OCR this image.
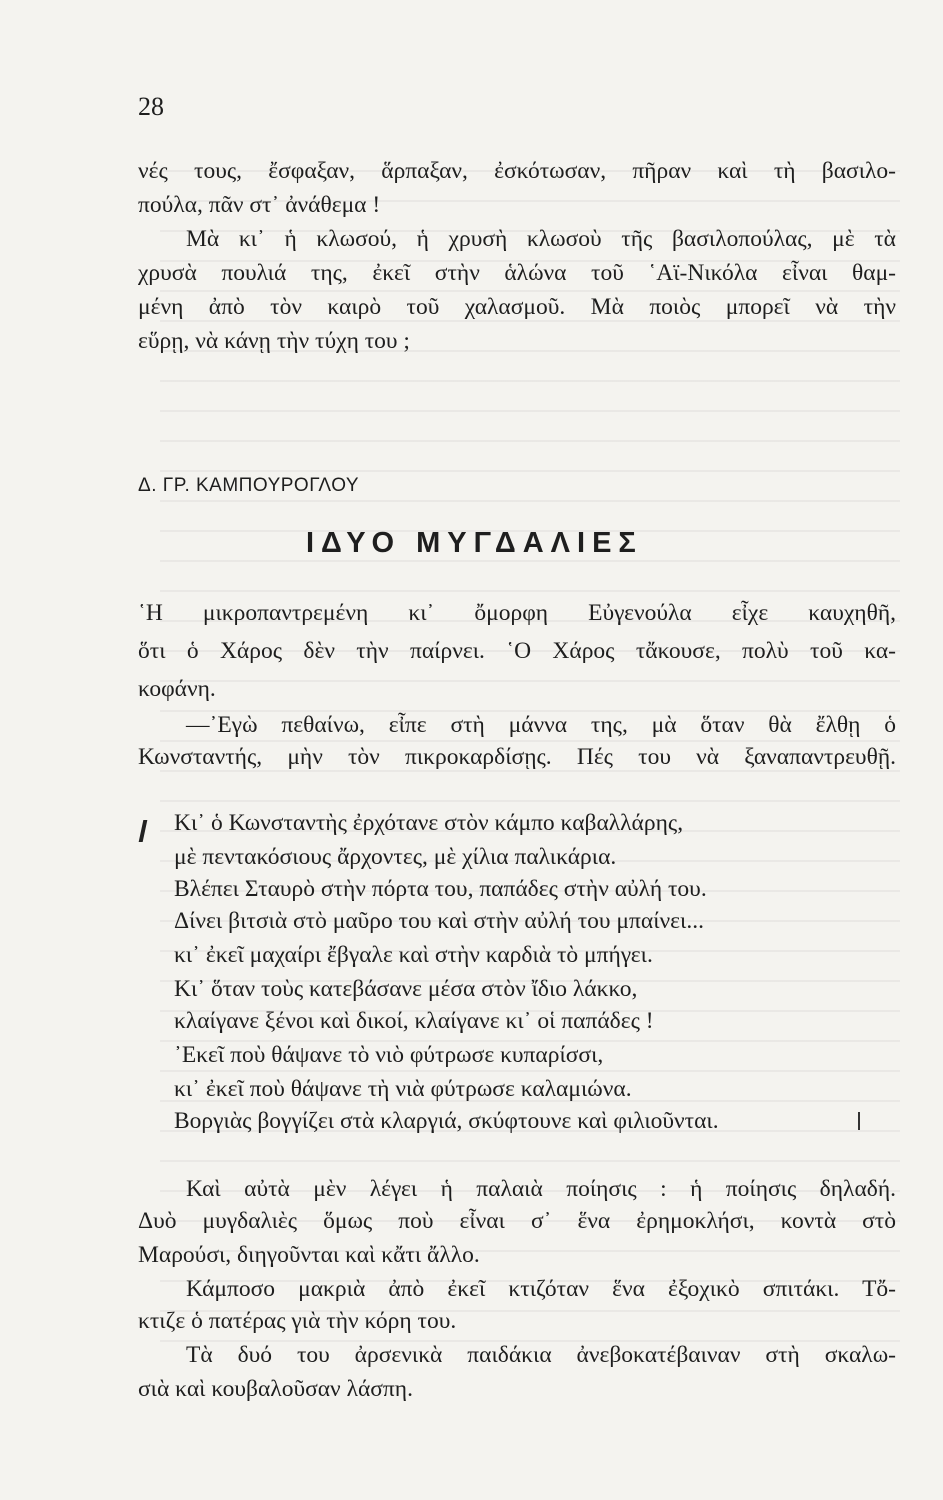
28
νές τους, ἔσφαξαν, ἅρπαξαν, ἐσκότωσαν, πῆραν καὶ τὴ βασιλο-
πούλα, πᾶν στ᾽ ἀνάθεμα !
Μὰ κι᾽ ἡ κλωσού, ἡ χρυσὴ κλωσοὺ τῆς βασιλοπούλας, μὲ τὰ
χρυσὰ πουλιά της, ἐκεῖ στὴν ἁλώνα τοῦ ῾Αϊ-Νικόλα εἶναι θαμ-
μένη ἀπὸ τὸν καιρὸ τοῦ χαλασμοῦ. Μὰ ποιὸς μπορεῖ νὰ τὴν
εὕρῃ, νὰ κάνῃ τὴν τύχη του ;
Δ. ΓΡ. ΚΑΜΠΟΥΡΟΓΛΟΥ
ΙΔΥΟ ΜΥΓΔΑΛΙΕΣ
῾Η μικροπαντρεμένη κι᾽ ὄμορφη Εὐγενούλα εἶχε καυχηθῆ,
ὅτι ὁ Χάρος δὲν τὴν παίρνει. ῾Ο Χάρος τἄκουσε, πολὺ τοῦ κα-
κοφάνη.
—᾽Εγὼ πεθαίνω, εἶπε στὴ μάννα της, μὰ ὅταν θὰ ἔλθῃ ὁ
Κωνσταντής, μὴν τὸν πικροκαρδίσῃς. Πές του νὰ ξαναπαντρευθῇ.
Κι᾽ ὁ Κωνσταντὴς ἐρχότανε στὸν κάμπο καβαλλάρης,
μὲ πεντακόσιους ἄρχοντες, μὲ χίλια παλικάρια.
Βλέπει Σταυρὸ στὴν πόρτα του, παπάδες στὴν αὐλή του.
Δίνει βιτσιὰ στὸ μαῦρο του καὶ στὴν αὐλή του μπαίνει...
κι᾽ ἐκεῖ μαχαίρι ἔβγαλε καὶ στὴν καρδιὰ τὸ μπήγει.
Κι᾽ ὅταν τοὺς κατεβάσανε μέσα στὸν ἴδιο λάκκο,
κλαίγανε ξένοι καὶ δικοί, κλαίγανε κι᾽ οἱ παπάδες !
᾽Εκεῖ ποὺ θάψανε τὸ νιὸ φύτρωσε κυπαρίσσι,
κι᾽ ἐκεῖ ποὺ θάψανε τὴ νιὰ φύτρωσε καλαμιώνα.
Βοργιὰς βογγίζει στὰ κλαργιά, σκύφτουνε καὶ φιλιοῦνται.
Καὶ αὐτὰ μὲν λέγει ἡ παλαιὰ ποίησις : ἡ ποίησις δηλαδή.
Δυὸ μυγδαλιὲς ὅμως ποὺ εἶναι σ᾽ ἕνα ἐρημοκλήσι, κοντὰ στὸ
Μαρούσι, διηγοῦνται καὶ κἄτι ἄλλο.
Κάμποσο μακριὰ ἀπὸ ἐκεῖ κτιζόταν ἕνα ἐξοχικὸ σπιτάκι. Τὄ-
κτιζε ὁ πατέρας γιὰ τὴν κόρη του.
Τὰ δυό του ἀρσενικὰ παιδάκια ἀνεβοκατέβαιναν στὴ σκαλω-
σιὰ καὶ κουβαλοῦσαν λάσπη.
